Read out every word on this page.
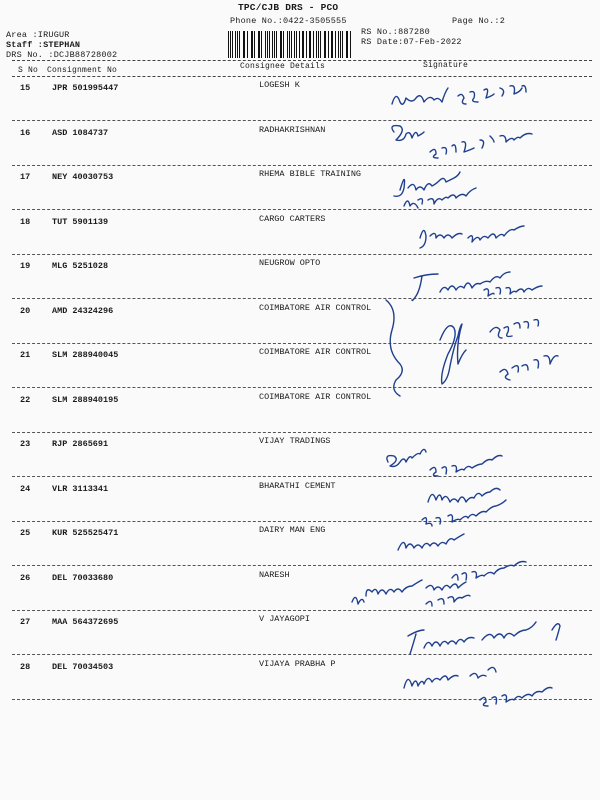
TPC/CJB DRS - PCO
Phone No.:0422-3505555	Page No.:2
Area :IRUGUR
Staff :STEPHAN
DRS No. :DCJB88728002
RS No.:887280
RS Date:07-Feb-2022
S No Consignment No	Consignee Details	Signature
15	JPR 501995447	LOGESH K
16	ASD 1084737	RADHAKRISHNAN
17	NEY 40030753	RHEMA BIBLE TRAINING
18	TUT 5901139	CARGO CARTERS
19	MLG 5251028	NEUGROW OPTO
20	AMD 24324296	COIMBATORE AIR CONTROL
21	SLM 288940045	COIMBATORE AIR CONTROL
22	SLM 288940195	COIMBATORE AIR CONTROL
23	RJP 2865691	VIJAY TRADINGS
24	VLR 3113341	BHARATHI CEMENT
25	KUR 525525471	DAIRY MAN ENG
26	DEL 70033680	NARESH
27	MAA 564372695	V JAYAGOPI
28	DEL 70034503	VIJAYA PRABHA P
